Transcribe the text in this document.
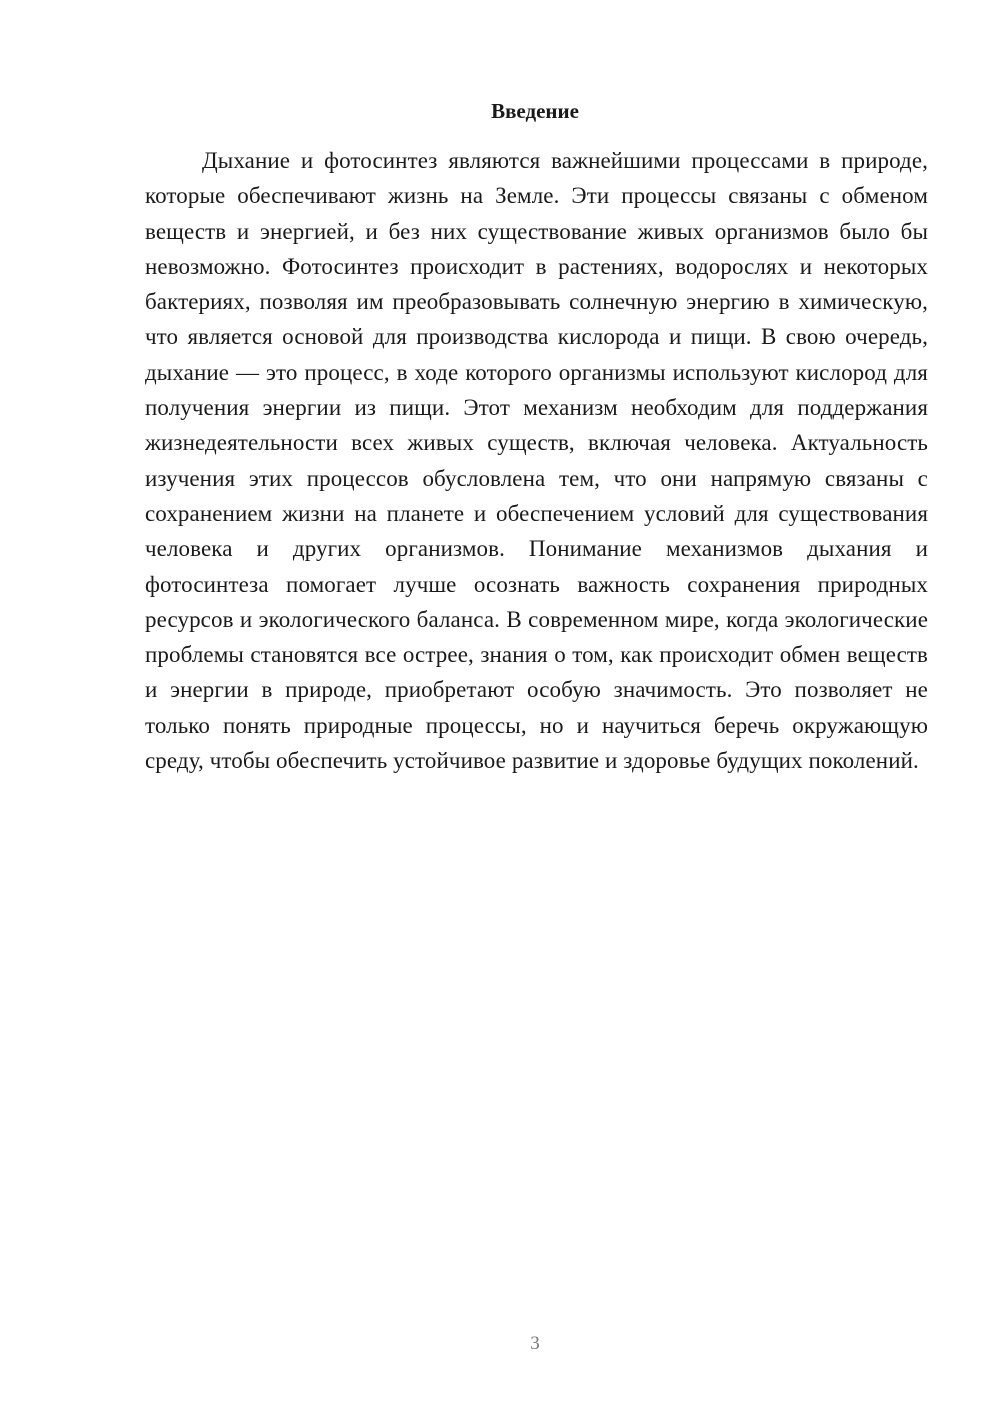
Введение

Дыхание и фотосинтез являются важнейшими процессами в природе, которые обеспечивают жизнь на Земле. Эти процессы связаны с обменом веществ и энергией, и без них существование живых организмов было бы невозможно. Фотосинтез происходит в растениях, водорослях и некоторых бактериях, позволяя им преобразовывать солнечную энергию в химическую, что является основой для производства кислорода и пищи. В свою очередь, дыхание — это процесс, в ходе которого организмы используют кислород для получения энергии из пищи. Этот механизм необходим для поддержания жизнедеятельности всех живых существ, включая человека. Актуальность изучения этих процессов обусловлена тем, что они напрямую связаны с сохранением жизни на планете и обеспечением условий для существования человека и других организмов. Понимание механизмов дыхания и фотосинтеза помогает лучше осознать важность сохранения природных ресурсов и экологического баланса. В современном мире, когда экологические проблемы становятся все острее, знания о том, как происходит обмен веществ и энергии в природе, приобретают особую значимость. Это позволяет не только понять природные процессы, но и научиться беречь окружающую среду, чтобы обеспечить устойчивое развитие и здоровье будущих поколений.

3
